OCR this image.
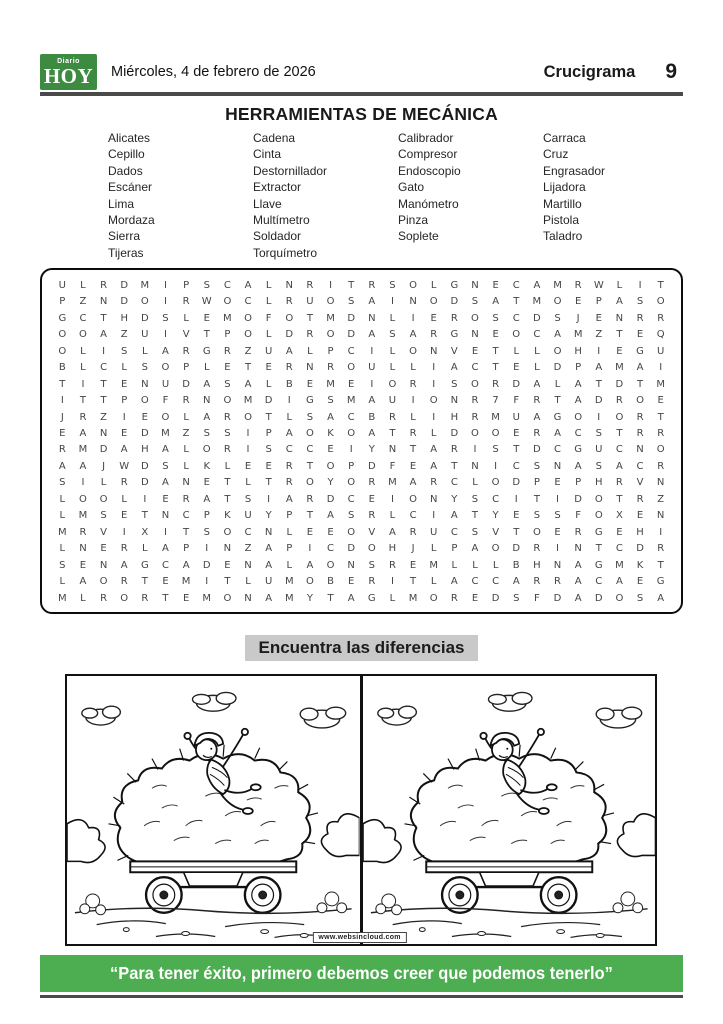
Diario
HOY Miércoles, 4 de febrero de 2026	Crucigrama 9
HERRAMIENTAS DE MECÁNICA
Alicates
Cepillo
Dados
Escáner
Lima
Mordaza
Sierra
Tijeras
Cadena
Cinta
Destornillador
Extractor
Llave
Multímetro
Soldador
Torquímetro
Calibrador
Compresor
Endoscopio
Gato
Manómetro
Pinza
Soplete
Carraca
Cruz
Engrasador
Lijadora
Martillo
Pistola
Taladro
U	L	R	D	M	I	P	S	C	A	L	N	R	I	T	R	S	O	L	G	N	E	C	A	M	R	W	L	I	T
P	Z	N	D	O	I	R	W	O	C	L	R	U	O	S	A	I	N	O	D	S	A	T	M	O	E	P	A	S	O
G	C	T	H	D	S	L	E	M	O	F	O	T	M	D	N	L	I	E	R	O	S	C	D	S	J	E	N	R	R
O	O	A	Z	U	I	V	T	P	O	L	D	R	O	D	A	S	A	R	G	N	E	O	C	A	M	Z	T	E	Q
O	L	I	S	L	A	R	G	R	Z	U	A	L	P	C	I	L	O	N	V	E	T	L	L	O	H	I	E	G	U
B	L	C	L	S	O	P	L	E	T	E	R	N	R	O	U	L	L	I	A	C	T	E	L	D	P	A	M	A	I
T	I	T	E	N	U	D	A	S	A	L	B	E	M	E	I	O	R	I	S	O	R	D	A	L	A	T	D	T	M
I	T	T	P	O	F	R	N	O	M	D	I	G	S	M	A	U	I	O	N	R	7	F	R	T	A	D	R	O	E
J	R	Z	I	E	O	L	A	R	O	T	L	S	A	C	B	R	L	I	H	R	M	U	A	G	O	I	O	R	T
E	A	N	E	D	M	Z	S	S	I	P	A	O	K	O	A	T	R	L	D	O	O	E	R	A	C	S	T	R	R
R	M	D	A	H	A	L	O	R	I	S	C	C	E	I	Y	N	T	A	R	I	S	T	D	C	G	U	C	N	O
A	A	J	W	D	S	L	K	L	E	E	R	T	O	P	D	F	E	A	T	N	I	C	S	N	A	S	A	C	R
S	I	L	R	D	A	N	E	T	L	T	R	O	Y	O	R	M	A	R	C	L	O	D	P	E	P	H	R	V	N
L	O	O	L	I	E	R	A	T	S	I	A	R	D	C	E	I	O	N	Y	S	C	I	T	I	D	O	T	R	Z
L	M	S	E	T	N	C	P	K	U	Y	P	T	A	S	R	L	C	I	A	T	Y	E	S	S	F	O	X	E	N
M	R	V	I	X	I	T	S	O	C	N	L	E	E	O	V	A	R	U	C	S	V	T	O	E	R	G	E	H	I
L	N	E	R	L	A	P	I	N	Z	A	P	I	C	D	O	H	J	L	P	A	O	D	R	I	N	T	C	D	R
S	E	N	A	G	C	A	D	E	N	A	L	A	O	N	S	R	E	M	L	L	L	B	H	N	A	G	M	K	T
L	A	O	R	T	E	M	I	T	L	U	M	O	B	E	R	I	T	L	A	C	C	A	R	R	A	C	A	E	G
M	L	R	O	R	T	E	M	O	N	A	M	Y	T	A	G	L	M	O	R	E	D	S	F	D	A	D	O	S	A
Encuentra las diferencias
www.websincloud.com
“Para tener éxito, primero debemos creer que podemos tenerlo”
